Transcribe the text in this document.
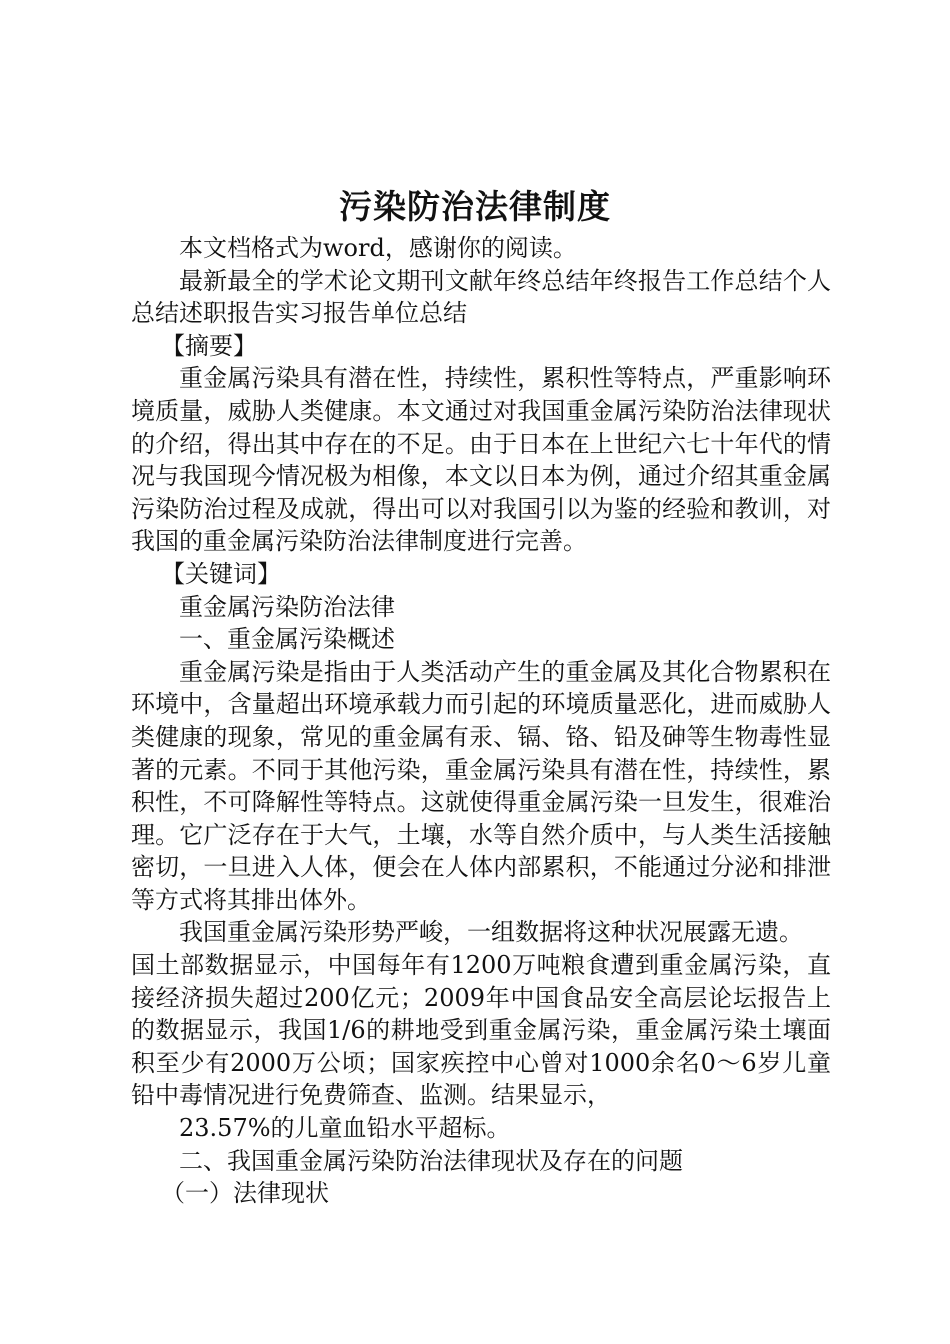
污染防治法律制度

本文档格式为word，感谢你的阅读。

最新最全的学术论文期刊文献年终总结年终报告工作总结个人总结述职报告实习报告单位总结

【摘要】

重金属污染具有潜在性，持续性，累积性等特点，严重影响环境质量，威胁人类健康。本文通过对我国重金属污染防治法律现状的介绍，得出其中存在的不足。由于日本在上世纪六七十年代的情况与我国现今情况极为相像，本文以日本为例，通过介绍其重金属污染防治过程及成就，得出可以对我国引以为鉴的经验和教训，对我国的重金属污染防治法律制度进行完善。

【关键词】

重金属污染防治法律

一、重金属污染概述

重金属污染是指由于人类活动产生的重金属及其化合物累积在环境中，含量超出环境承载力而引起的环境质量恶化，进而威胁人类健康的现象，常见的重金属有汞、镉、铬、铅及砷等生物毒性显著的元素。不同于其他污染，重金属污染具有潜在性，持续性，累积性，不可降解性等特点。这就使得重金属污染一旦发生，很难治理。它广泛存在于大气，土壤，水等自然介质中，与人类生活接触密切，一旦进入人体，便会在人体内部累积，不能通过分泌和排泄等方式将其排出体外。

我国重金属污染形势严峻，一组数据将这种状况展露无遗。

国土部数据显示，中国每年有1200万吨粮食遭到重金属污染，直接经济损失超过200亿元；2009年中国食品安全高层论坛报告上的数据显示，我国1/6的耕地受到重金属污染，重金属污染土壤面积至少有2000万公顷；国家疾控中心曾对1000余名0～6岁儿童铅中毒情况进行免费筛查、监测。结果显示，

23.57%的儿童血铅水平超标。

二、我国重金属污染防治法律现状及存在的问题

（一）法律现状
